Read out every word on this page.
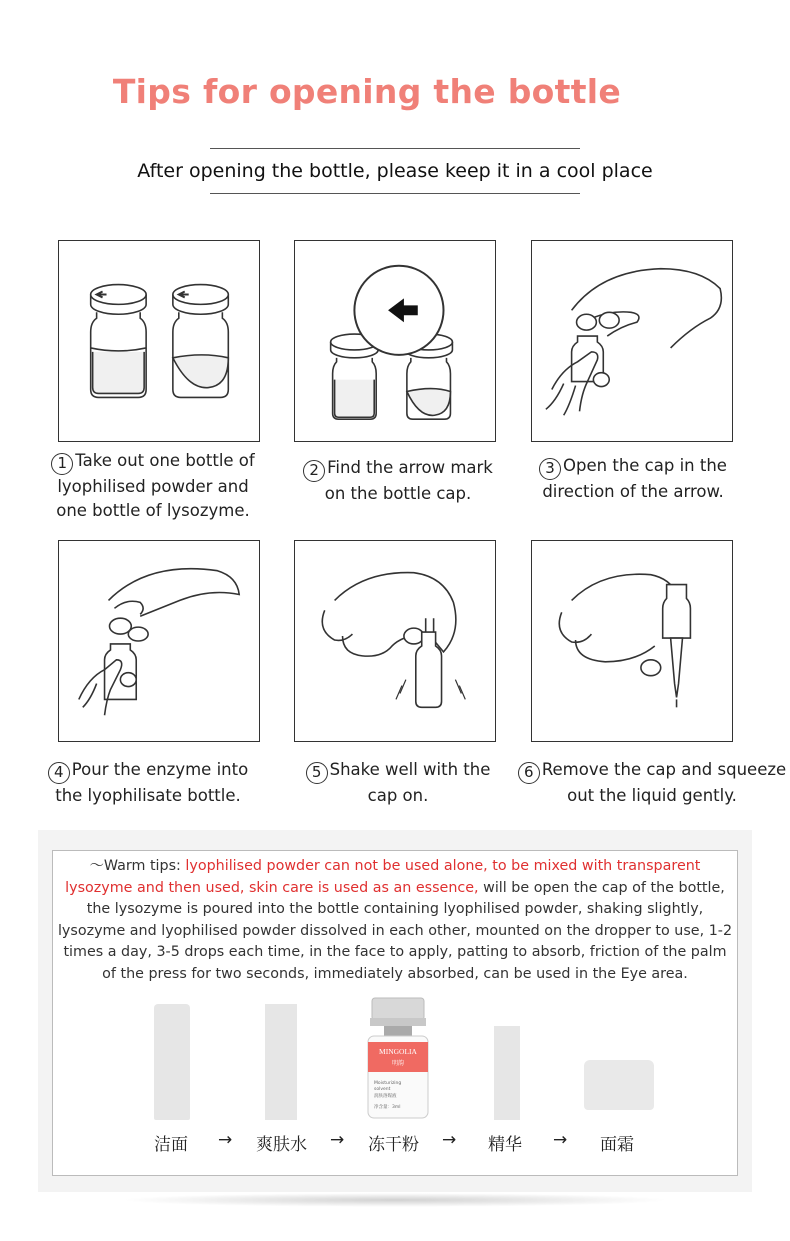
Tips for opening the bottle
After opening the bottle, please keep it in a cool place
1 Take out one bottle of
lyophilised powder and
one bottle of lysozyme.
2 Find the arrow mark
on the bottle cap.
3 Open the cap in the
direction of the arrow.
4 Pour the enzyme into
the lyophilisate bottle.
5 Shake well with the
cap on.
6 Remove the cap and squeeze
out the liquid gently.
〜Warm tips: lyophilised powder can not be used alone, to be mixed with transparent lysozyme and then used, skin care is used as an essence, will be open the cap of the bottle, the lysozyme is poured into the bottle containing lyophilised powder, shaking slightly, lysozyme and lyophilised powder dissolved in each other, mounted on the dropper to use, 1-2 times a day, 3-5 drops each time, in the face to apply, patting to absorb, friction of the palm of the press for two seconds, immediately absorbed, can be used in the Eye area.
MINGOLIA
明韵
Moisturizing
solvent
润肤溶媒液
净含量：3ml
洁面 → 爽肤水 → 冻干粉 → 精华 → 面霜
